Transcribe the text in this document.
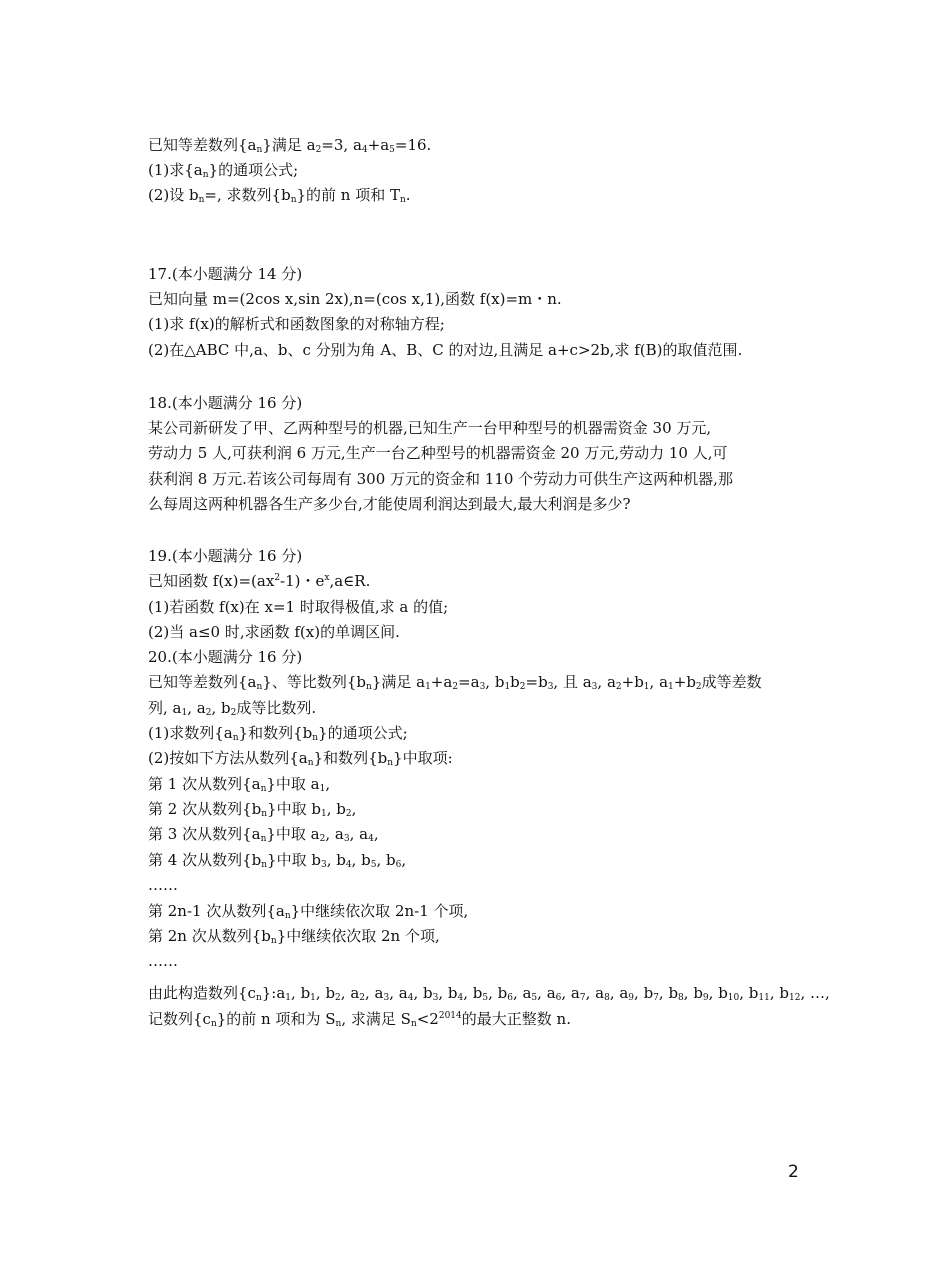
已知等差数列$\{a_n\}$满足 $a_2=3$, $a_4+a_5=16$.
(1)求$\{a_n\}$的通项公式;
(2)设 $b_n=$, 求数列$\{b_n\}$的前 n 项和 $T_n$.
17.(本小题满分 14 分)
已知向量 m=(2cos x,sin 2x),n=(cos x,1),函数 f(x)=m・n.
(1)求 f(x)的解析式和函数图象的对称轴方程;
(2)在△ABC 中,a、b、c 分别为角 A、B、C 的对边,且满足 a+c>2b,求 f(B)的取值范围.
18.(本小题满分 16 分)
某公司新研发了甲、乙两种型号的机器,已知生产一台甲种型号的机器需资金 30 万元,
劳动力 5 人,可获利润 6 万元,生产一台乙种型号的机器需资金 20 万元,劳动力 10 人,可
获利润 8 万元.若该公司每周有 300 万元的资金和 110 个劳动力可供生产这两种机器,那
么每周这两种机器各生产多少台,才能使周利润达到最大,最大利润是多少?
19.(本小题满分 16 分)
已知函数 $f(x)=(ax^2-1)$・$e^x,a\in R$.
(1)若函数 f(x)在 x=1 时取得极值,求 a 的值;
(2)当 a≤0 时,求函数 f(x)的单调区间.
20.(本小题满分 16 分)
已知等差数列$\{a_n\}$、等比数列$\{b_n\}$满足 $a_1+a_2=a_3$, $b_1b_2=b_3$, 且 $a_3$, $a_2+b_1$, $a_1+b_2$成等差数
列, $a_1$, $a_2$, $b_2$成等比数列.
(1)求数列$\{a_n\}$和数列$\{b_n\}$的通项公式;
(2)按如下方法从数列$\{a_n\}$和数列$\{b_n\}$中取项:
第 1 次从数列$\{a_n\}$中取 $a_1$,
第 2 次从数列$\{b_n\}$中取 $b_1$, $b_2$,
第 3 次从数列$\{a_n\}$中取 $a_2$, $a_3$, $a_4$,
第 4 次从数列$\{b_n\}$中取 $b_3$, $b_4$, $b_5$, $b_6$,
……
第 2n-1 次从数列$\{a_n\}$中继续依次取 2n-1 个项,
第 2n 次从数列$\{b_n\}$中继续依次取 2n 个项,
……
由此构造数列$\{c_n\}:a_1$, $b_1$, $b_2$, $a_2$, $a_3$, $a_4$, $b_3$, $b_4$, $b_5$, $b_6$, $a_5$, $a_6$, $a_7$, $a_8$, $a_9$, $b_7$, $b_8$, $b_9$, $b_{10}$, $b_{11}$, $b_{12}$, …,
记数列$\{c_n\}$的前 n 项和为 $S_n$, 求满足 $S_n<2^{2014}$的最大正整数 n.
2
